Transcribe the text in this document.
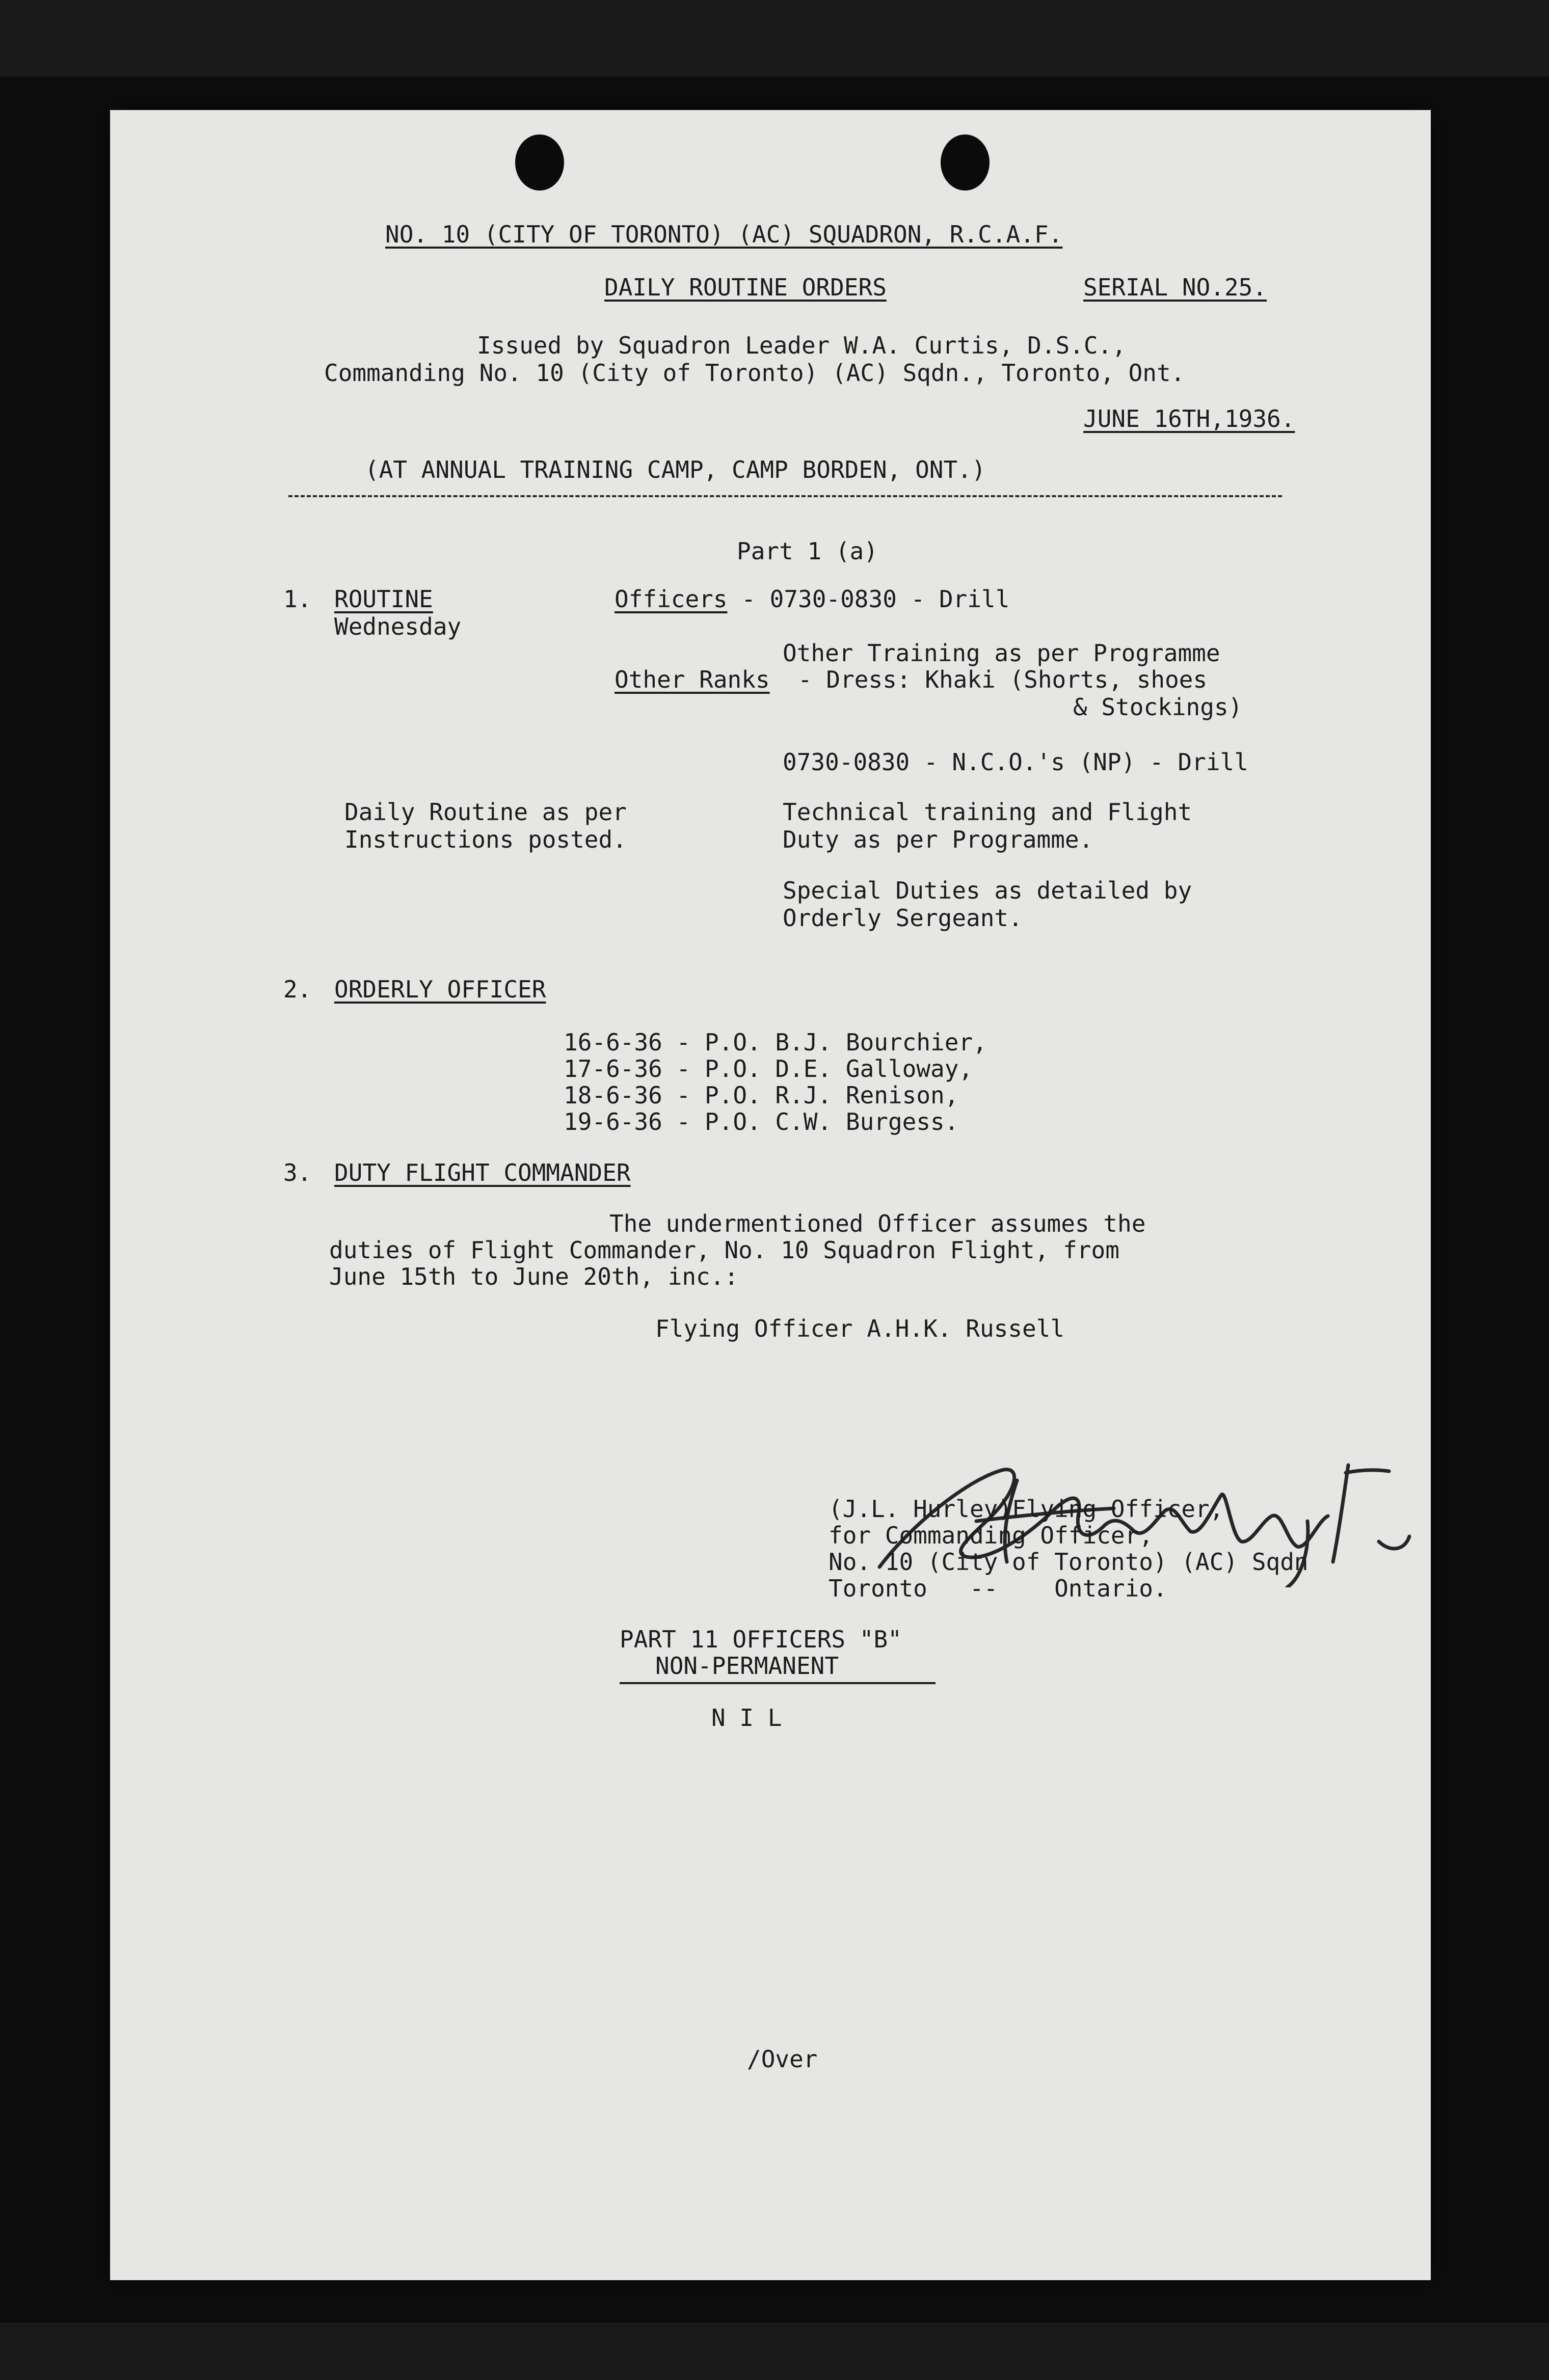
NO. 10 (CITY OF TORONTO) (AC) SQUADRON, R.C.A.F.
DAILY ROUTINE ORDERS	SERIAL NO.25.
Issued by Squadron Leader W.A. Curtis, D.S.C.,
Commanding No. 10 (City of Toronto) (AC) Sqdn., Toronto, Ont.
JUNE 16TH,1936.
(AT ANNUAL TRAINING CAMP, CAMP BORDEN, ONT.)
Part 1 (a)
1. ROUTINE
Wednesday
Officers - 0730-0830 - Drill
Other Training as per Programme
Other Ranks  - Dress: Khaki (Shorts, shoes
& Stockings)
0730-0830 - N.C.O.'s (NP) - Drill
Daily Routine as per
Instructions posted.
Technical training and Flight
Duty as per Programme.
Special Duties as detailed by
Orderly Sergeant.
2. ORDERLY OFFICER
16-6-36 - P.O. B.J. Bourchier,
17-6-36 - P.O. D.E. Galloway,
18-6-36 - P.O. R.J. Renison,
19-6-36 - P.O. C.W. Burgess.
3. DUTY FLIGHT COMMANDER
The undermentioned Officer assumes the
duties of Flight Commander, No. 10 Squadron Flight, from
June 15th to June 20th, inc.:
Flying Officer A.H.K. Russell
(J.L. Hurley)Flying Officer,
for Commanding Officer,
No. 10 (City of Toronto) (AC) Sqdn
Toronto   --    Ontario.
PART 11 OFFICERS "B"
NON-PERMANENT
N I L
/Over
